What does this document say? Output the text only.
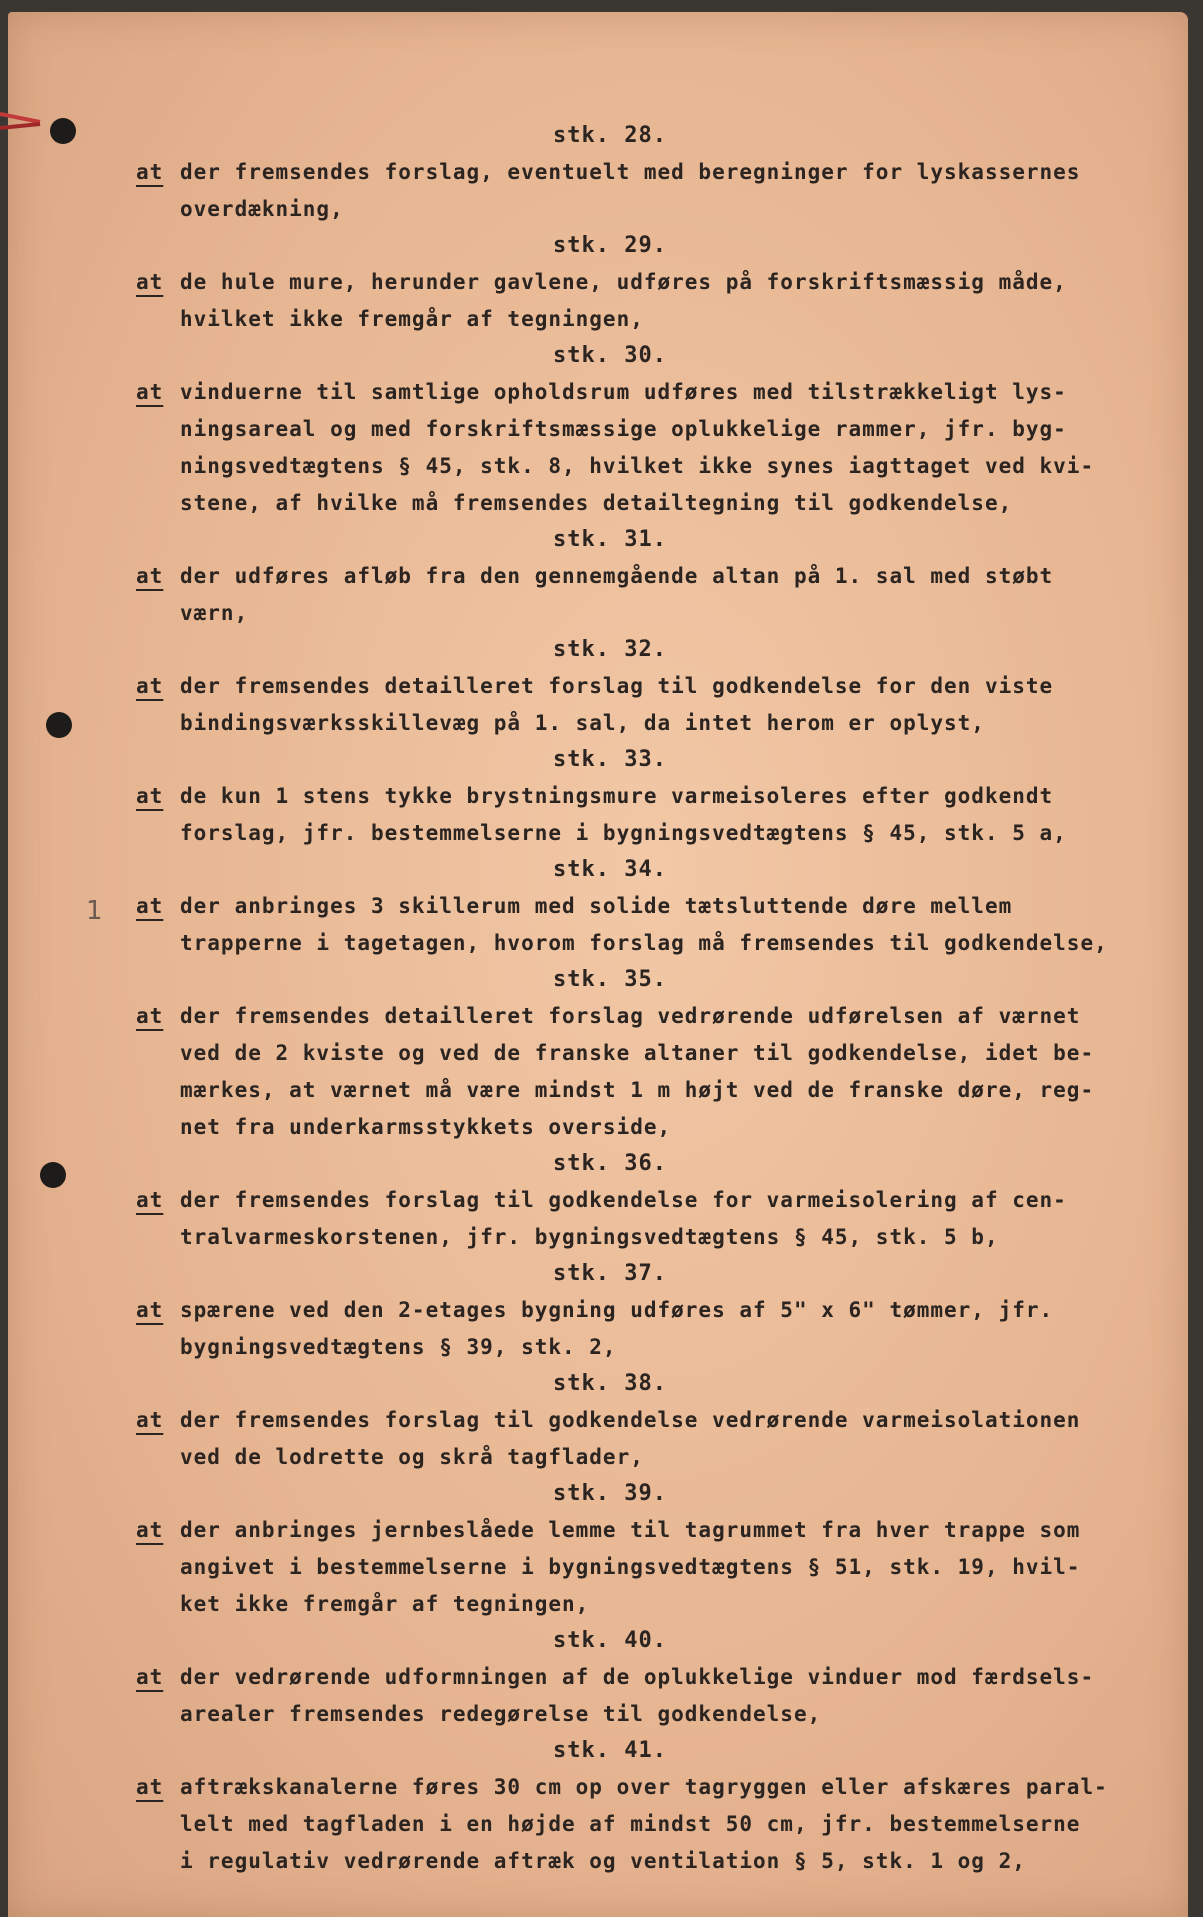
1
stk. 28.
at der fremsendes forslag, eventuelt med beregninger for lyskassernes
overdækning,
stk. 29.
at de hule mure, herunder gavlene, udføres på forskriftsmæssig måde,
hvilket ikke fremgår af tegningen,
stk. 30.
at vinduerne til samtlige opholdsrum udføres med tilstrækkeligt lys-
ningsareal og med forskriftsmæssige oplukkelige rammer, jfr. byg-
ningsvedtægtens § 45, stk. 8, hvilket ikke synes iagttaget ved kvi-
stene, af hvilke må fremsendes detailtegning til godkendelse,
stk. 31.
at der udføres afløb fra den gennemgående altan på 1. sal med støbt
værn,
stk. 32.
at der fremsendes detailleret forslag til godkendelse for den viste
bindingsværksskillevæg på 1. sal, da intet herom er oplyst,
stk. 33.
at de kun 1 stens tykke brystningsmure varmeisoleres efter godkendt
forslag, jfr. bestemmelserne i bygningsvedtægtens § 45, stk. 5 a,
stk. 34.
at der anbringes 3 skillerum med solide tætsluttende døre mellem
trapperne i tagetagen, hvorom forslag må fremsendes til godkendelse,
stk. 35.
at der fremsendes detailleret forslag vedrørende udførelsen af værnet
ved de 2 kviste og ved de franske altaner til godkendelse, idet be-
mærkes, at værnet må være mindst 1 m højt ved de franske døre, reg-
net fra underkarmsstykkets overside,
stk. 36.
at der fremsendes forslag til godkendelse for varmeisolering af cen-
tralvarmeskorstenen, jfr. bygningsvedtægtens § 45, stk. 5 b,
stk. 37.
at spærene ved den 2-etages bygning udføres af 5" x 6" tømmer, jfr.
bygningsvedtægtens § 39, stk. 2,
stk. 38.
at der fremsendes forslag til godkendelse vedrørende varmeisolationen
ved de lodrette og skrå tagflader,
stk. 39.
at der anbringes jernbeslåede lemme til tagrummet fra hver trappe som
angivet i bestemmelserne i bygningsvedtægtens § 51, stk. 19, hvil-
ket ikke fremgår af tegningen,
stk. 40.
at der vedrørende udformningen af de oplukkelige vinduer mod færdsels-
arealer fremsendes redegørelse til godkendelse,
stk. 41.
at aftrækskanalerne føres 30 cm op over tagryggen eller afskæres paral-
lelt med tagfladen i en højde af mindst 50 cm, jfr. bestemmelserne
i regulativ vedrørende aftræk og ventilation § 5, stk. 1 og 2,
